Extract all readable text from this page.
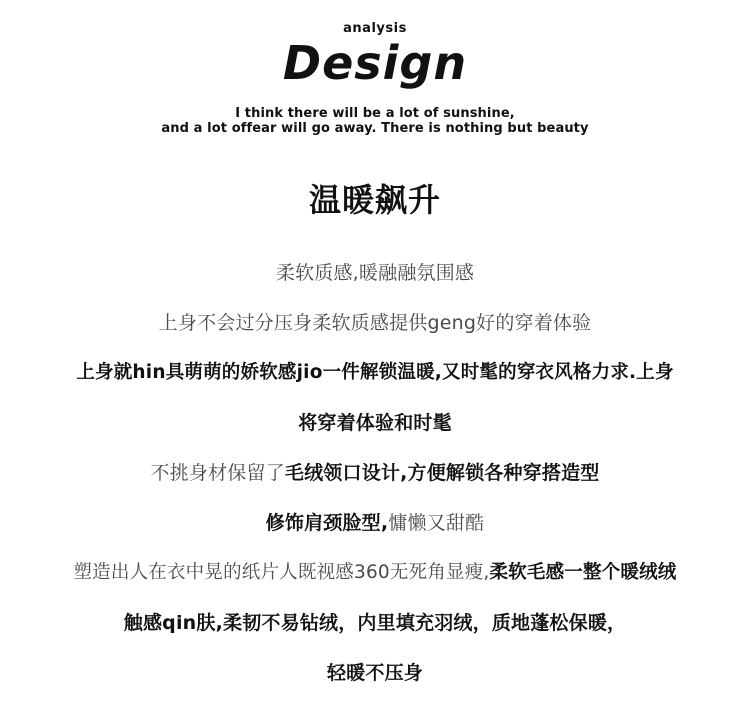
analysis
Design
I think there will be a lot of sunshine,
and a lot offear will go away. There is nothing but beauty
温暖飙升
柔软质感,暖融融氛围感
上身不会过分压身柔软质感提供geng好的穿着体验
上身就hin具萌萌的娇软感jio一件解锁温暖,又时髦的穿衣风格力求.上身
将穿着体验和时髦
不挑身材保留了毛绒领口设计,方便解锁各种穿搭造型
修饰肩颈脸型,慵懒又甜酷
塑造出人在衣中晃的纸片人既视感360无死角显瘦,柔软毛感一整个暖绒绒
触感qin肤,柔韧不易钻绒，内里填充羽绒，质地蓬松保暖，
轻暖不压身
